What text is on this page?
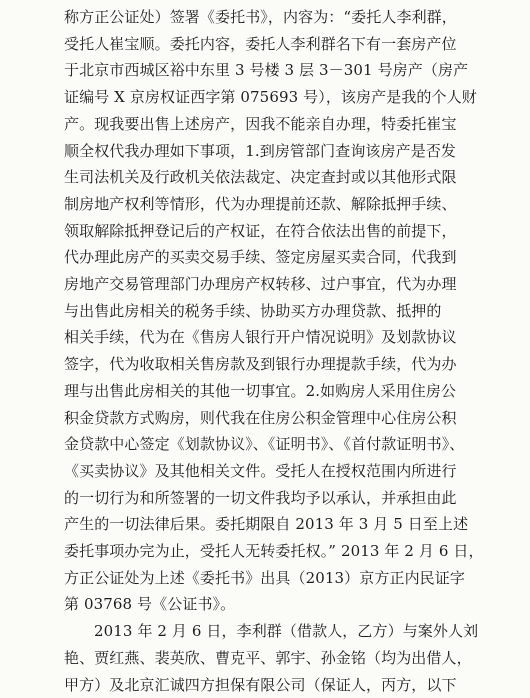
称方正公证处）签署《委托书》，内容为：“委托人李利群，
受托人崔宝顺。委托内容，委托人李利群名下有一套房产位
于北京市西城区裕中东里 3 号楼 3 层 3－301 号房产（房产
证编号 X 京房权证西字第 075693 号），该房产是我的个人财
产。现我要出售上述房产，因我不能亲自办理，特委托崔宝
顺全权代我办理如下事项，1.到房管部门查询该房产是否发
生司法机关及行政机关依法裁定、决定查封或以其他形式限
制房地产权利等情形，代为办理提前还款、解除抵押手续、
领取解除抵押登记后的产权证，在符合依法出售的前提下，
代办理此房产的买卖交易手续、签定房屋买卖合同，代我到
房地产交易管理部门办理房产权转移、过户事宜，代为办理
与出售此房相关的税务手续、协助买方办理贷款、抵押的
相关手续，代为在《售房人银行开户情况说明》及划款协议
签字，代为收取相关售房款及到银行办理提款手续，代为办
理与出售此房相关的其他一切事宜。2.如购房人采用住房公
积金贷款方式购房，则代我在住房公积金管理中心住房公积
金贷款中心签定《划款协议》、《证明书》、《首付款证明书》、
《买卖协议》及其他相关文件。受托人在授权范围内所进行
的一切行为和所签署的一切文件我均予以承认，并承担由此
产生的一切法律后果。委托期限自 2013 年 3 月 5 日至上述
委托事项办完为止，受托人无转委托权。” 2013 年 2 月 6 日，
方正公证处为上述《委托书》出具（2013）京方正内民证字
第 03768 号《公证书》。
2013 年 2 月 6 日，李利群（借款人，乙方）与案外人刘
艳、贾红燕、裴英欣、曹克平、郭宇、孙金铭（均为出借人，
甲方）及北京汇诚四方担保有限公司（保证人，丙方，以下
